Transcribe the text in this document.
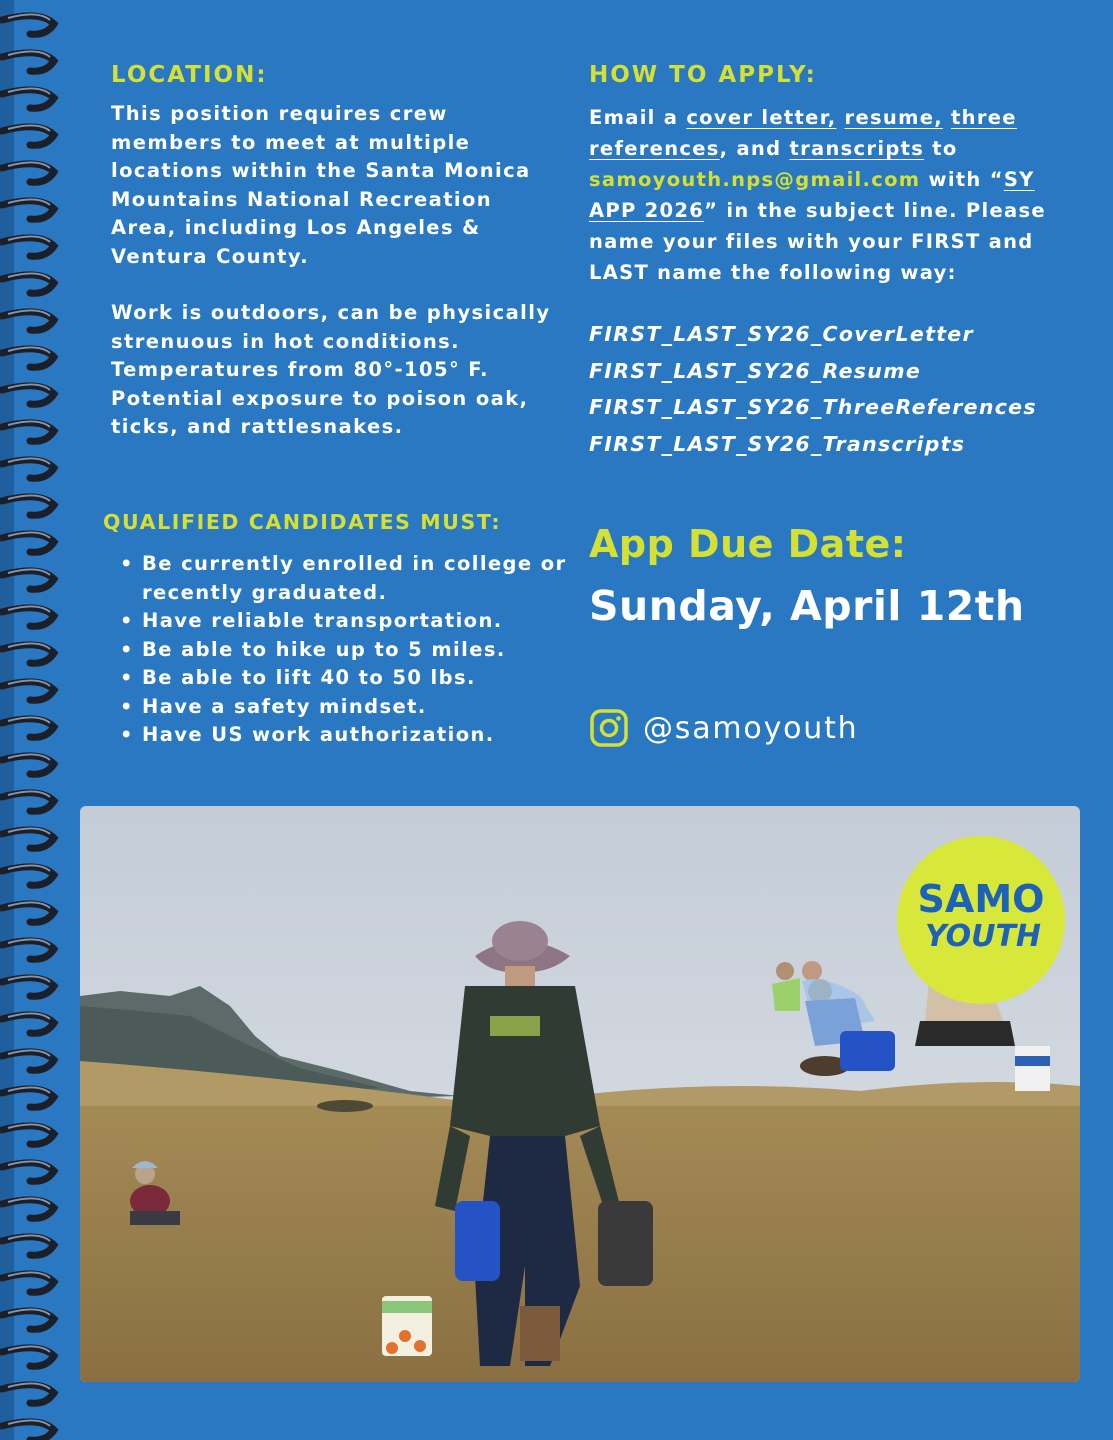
LOCATION:

This position requires crew members to meet at multiple locations within the Santa Monica Mountains National Recreation Area, including Los Angeles & Ventura County.

Work is outdoors, can be physically strenuous in hot conditions. Temperatures from 80°-105° F. Potential exposure to poison oak, ticks, and rattlesnakes.

QUALIFIED CANDIDATES MUST:
• Be currently enrolled in college or recently graduated.
• Have reliable transportation.
• Be able to hike up to 5 miles.
• Be able to lift 40 to 50 lbs.
• Have a safety mindset.
• Have US work authorization.
HOW TO APPLY:

Email a cover letter, resume, three references, and transcripts to samoyouth.nps@gmail.com with “SY APP 2026” in the subject line. Please name your files with your FIRST and LAST name the following way:

FIRST_LAST_SY26_CoverLetter
FIRST_LAST_SY26_Resume
FIRST_LAST_SY26_ThreeReferences
FIRST_LAST_SY26_Transcripts
App Due Date:
Sunday, April 12th
@samoyouth
SAMO
YOUTH
